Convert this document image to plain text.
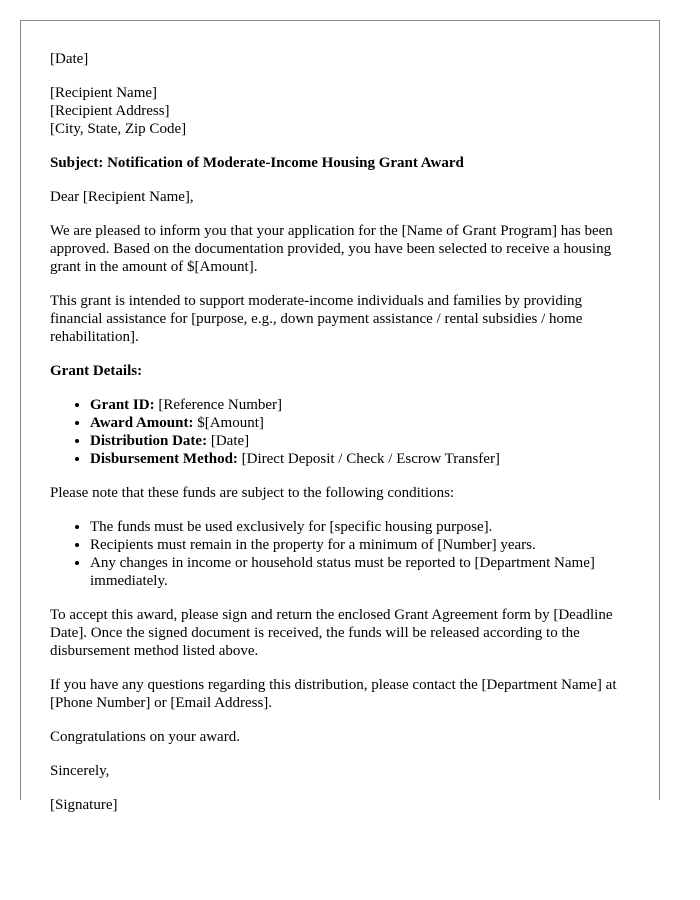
[Date]

[Recipient Name]
[Recipient Address]
[City, State, Zip Code]

Subject: Notification of Moderate-Income Housing Grant Award

Dear [Recipient Name],

We are pleased to inform you that your application for the [Name of Grant Program] has been approved. Based on the documentation provided, you have been selected to receive a housing grant in the amount of $[Amount].

This grant is intended to support moderate-income individuals and families by providing financial assistance for [purpose, e.g., down payment assistance / rental subsidies / home rehabilitation].

Grant Details:

• Grant ID: [Reference Number]
• Award Amount: $[Amount]
• Distribution Date: [Date]
• Disbursement Method: [Direct Deposit / Check / Escrow Transfer]

Please note that these funds are subject to the following conditions:

• The funds must be used exclusively for [specific housing purpose].
• Recipients must remain in the property for a minimum of [Number] years.
• Any changes in income or household status must be reported to [Department Name] immediately.

To accept this award, please sign and return the enclosed Grant Agreement form by [Deadline Date]. Once the signed document is received, the funds will be released according to the disbursement method listed above.

If you have any questions regarding this distribution, please contact the [Department Name] at [Phone Number] or [Email Address].

Congratulations on your award.

Sincerely,

[Signature]
